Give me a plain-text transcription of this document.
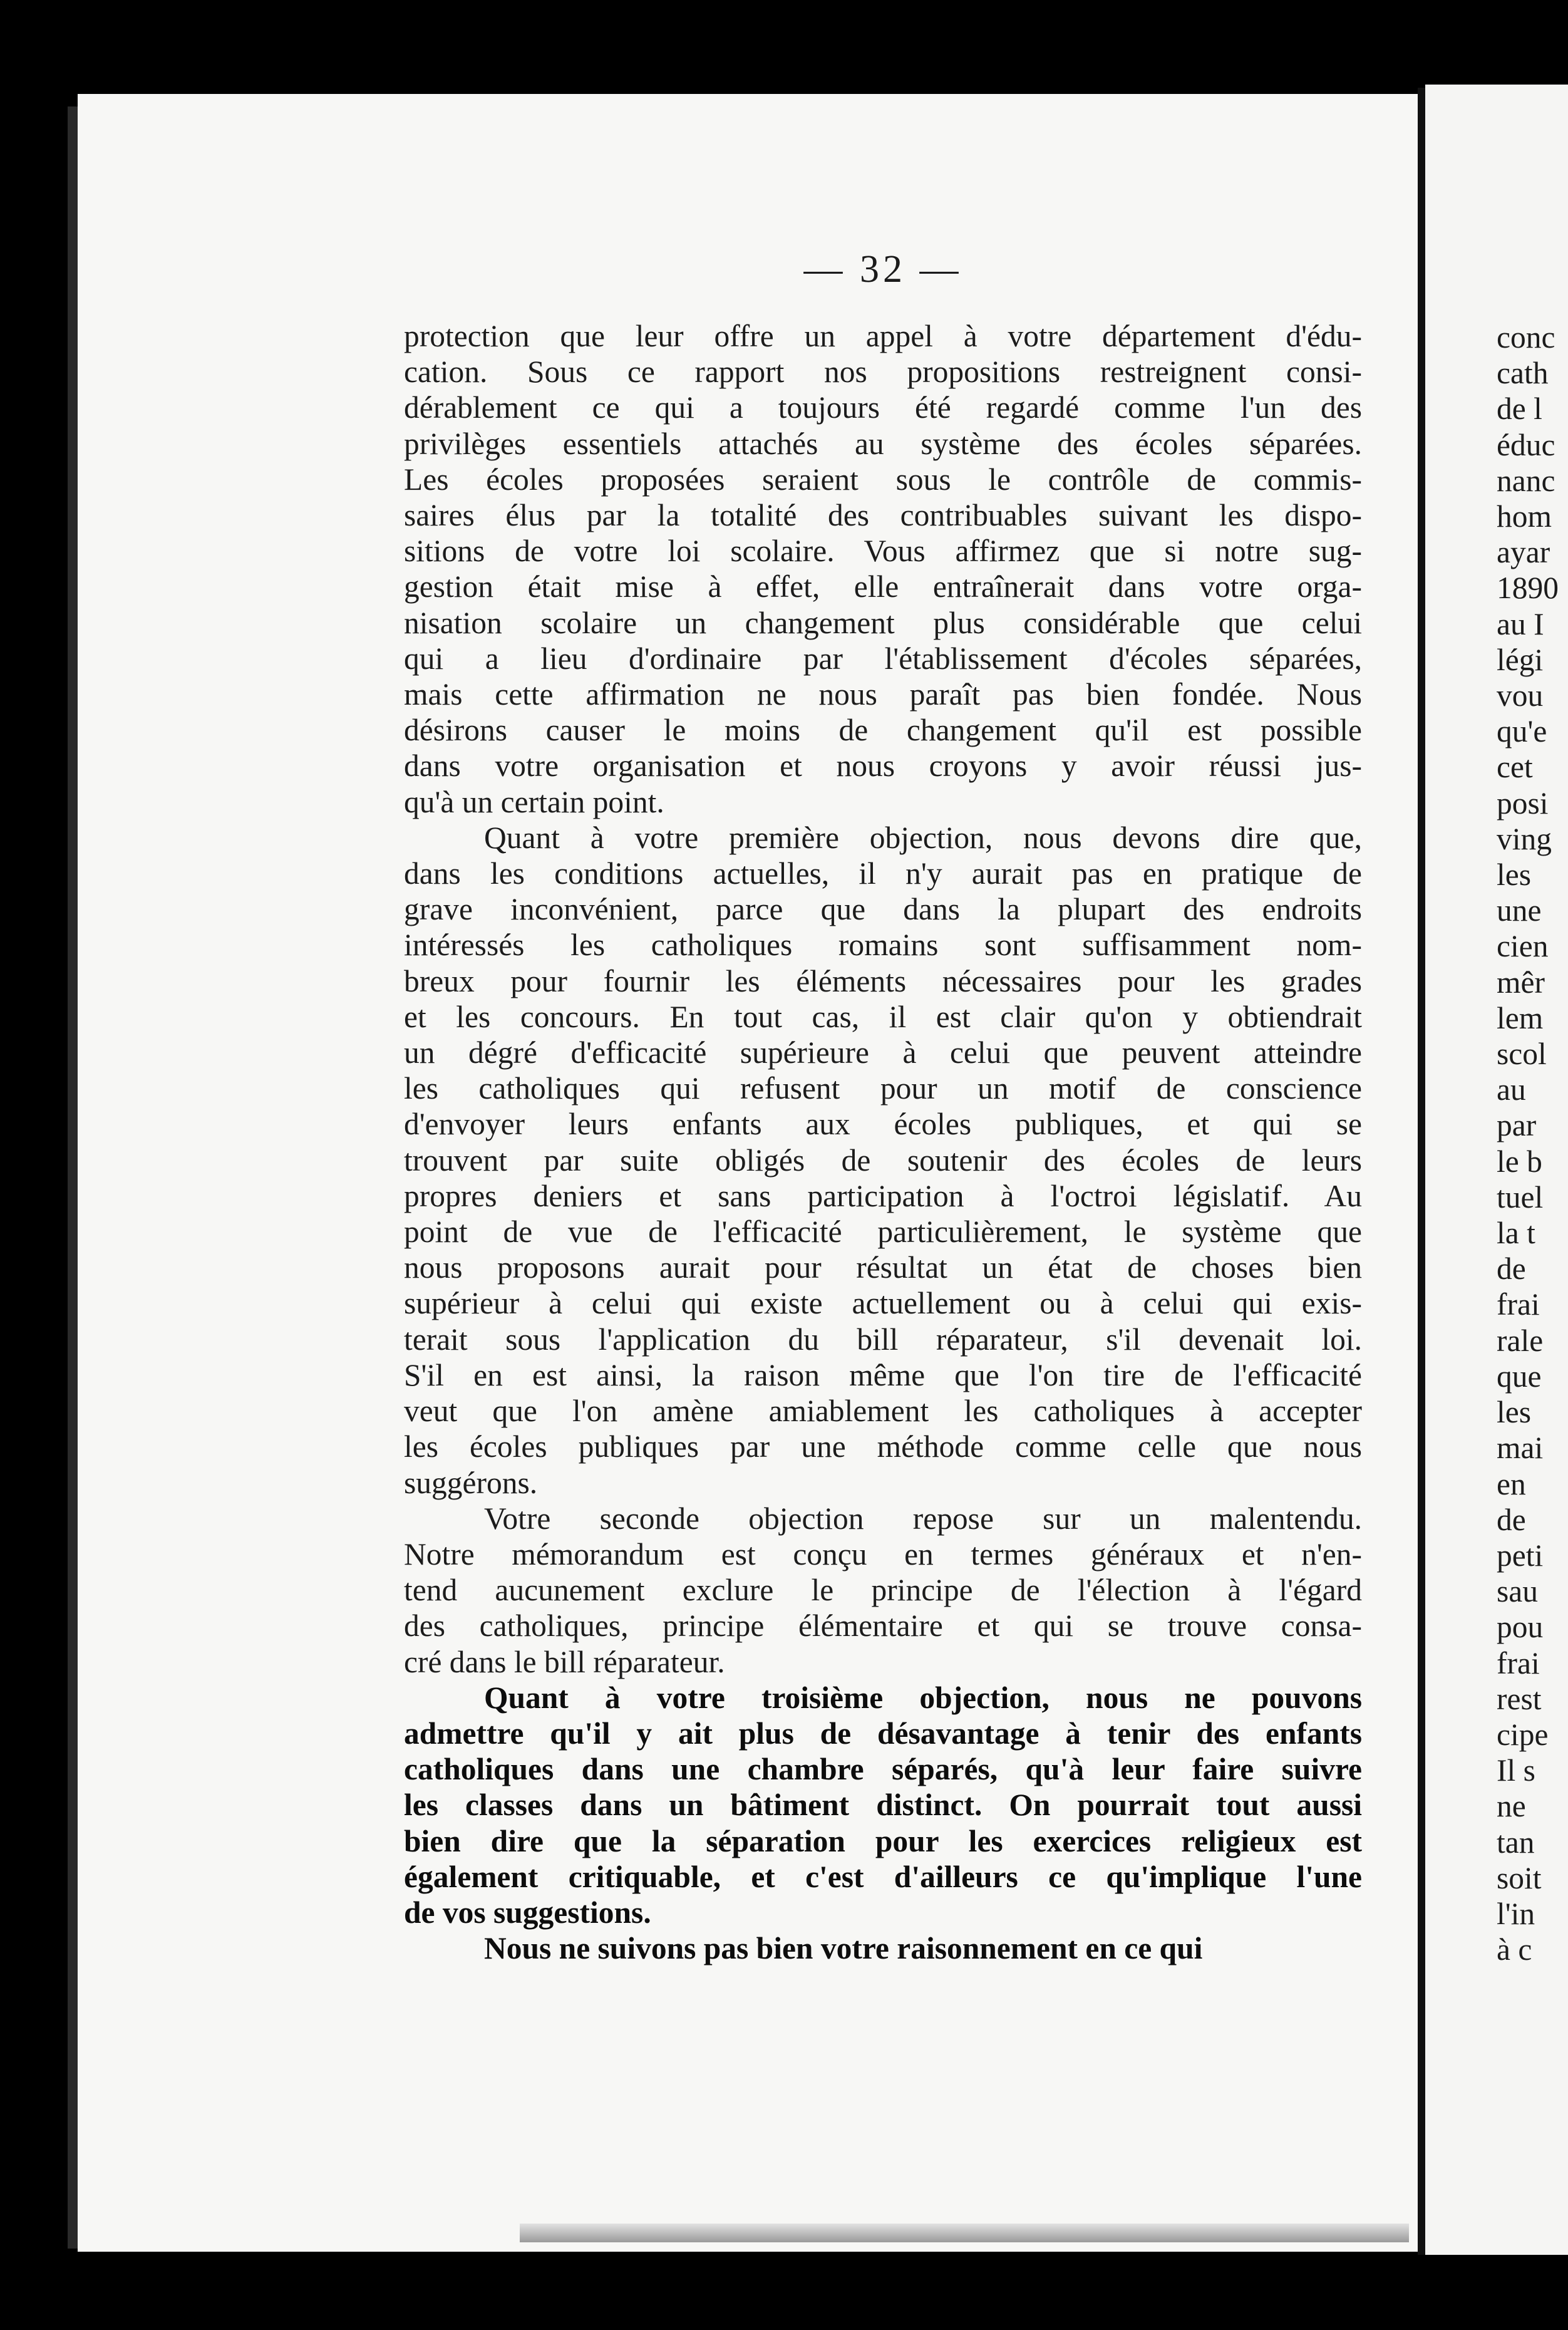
— 32 —
protection que leur offre un appel à votre département d'édu-
cation. Sous ce rapport nos propositions restreignent consi-
dérablement ce qui a toujours été regardé comme l'un des
privilèges essentiels attachés au système des écoles séparées.
Les écoles proposées seraient sous le contrôle de commis-
saires élus par la totalité des contribuables suivant les dispo-
sitions de votre loi scolaire. Vous affirmez que si notre sug-
gestion était mise à effet, elle entraînerait dans votre orga-
nisation scolaire un changement plus considérable que celui
qui a lieu d'ordinaire par l'établissement d'écoles séparées,
mais cette affirmation ne nous paraît pas bien fondée. Nous
désirons causer le moins de changement qu'il est possible
dans votre organisation et nous croyons y avoir réussi jus-
qu'à un certain point.
Quant à votre première objection, nous devons dire que,
dans les conditions actuelles, il n'y aurait pas en pratique de
grave inconvénient, parce que dans la plupart des endroits
intéressés les catholiques romains sont suffisamment nom-
breux pour fournir les éléments nécessaires pour les grades
et les concours. En tout cas, il est clair qu'on y obtiendrait
un dégré d'efficacité supérieure à celui que peuvent atteindre
les catholiques qui refusent pour un motif de conscience
d'envoyer leurs enfants aux écoles publiques, et qui se
trouvent par suite obligés de soutenir des écoles de leurs
propres deniers et sans participation à l'octroi législatif. Au
point de vue de l'efficacité particulièrement, le système que
nous proposons aurait pour résultat un état de choses bien
supérieur à celui qui existe actuellement ou à celui qui exis-
terait sous l'application du bill réparateur, s'il devenait loi.
S'il en est ainsi, la raison même que l'on tire de l'efficacité
veut que l'on amène amiablement les catholiques à accepter
les écoles publiques par une méthode comme celle que nous
suggérons.
Votre seconde objection repose sur un malentendu.
Notre mémorandum est conçu en termes généraux et n'en-
tend aucunement exclure le principe de l'élection à l'égard
des catholiques, principe élémentaire et qui se trouve consa-
cré dans le bill réparateur.
Quant à votre troisième objection, nous ne pouvons
admettre qu'il y ait plus de désavantage à tenir des enfants
catholiques dans une chambre séparés, qu'à leur faire suivre
les classes dans un bâtiment distinct. On pourrait tout aussi
bien dire que la séparation pour les exercices religieux est
également critiquable, et c'est d'ailleurs ce qu'implique l'une
de vos suggestions.
Nous ne suivons pas bien votre raisonnement en ce qui
conc
cath
de l
éduc
nanc
hom
ayar
1890
au I
légi
vou
qu'e
cet
posi
ving
les
une
cien
mêr
lem
scol
au
par
le b
tuel
la t
de
frai
rale
que
les
mai
en
de
peti
sau
pou
frai
rest
cipe
Il s
ne
tan
soit
l'in
à c
